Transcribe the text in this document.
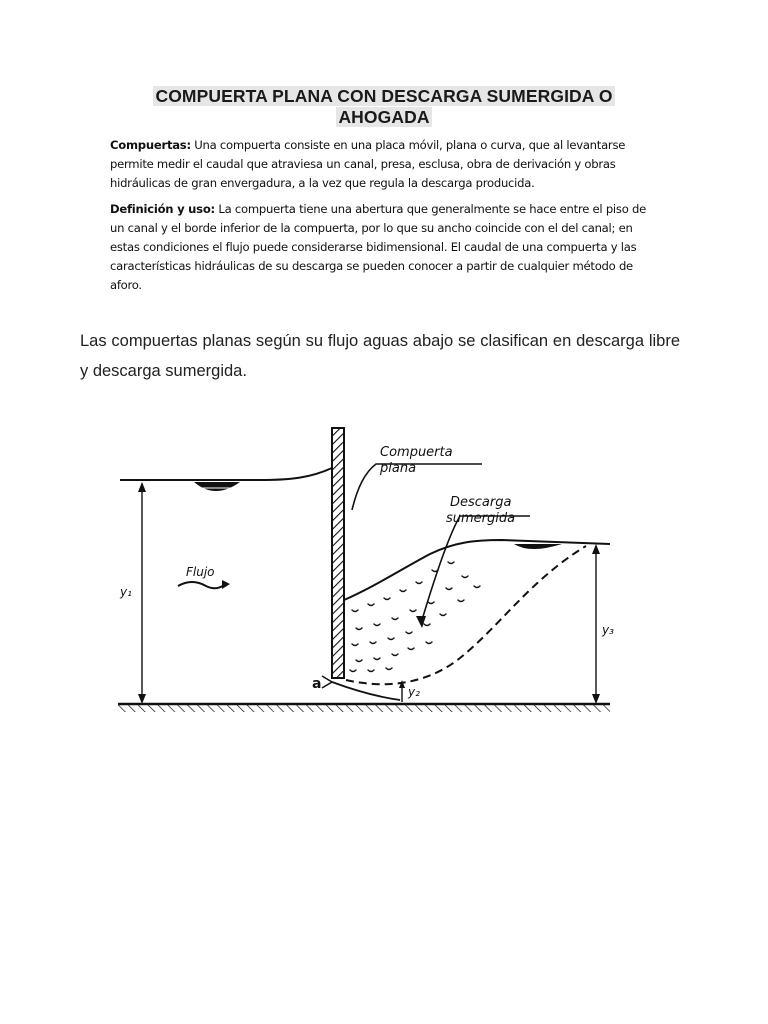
COMPUERTA PLANA CON DESCARGA SUMERGIDA O
AHOGADA
Compuertas: Una compuerta consiste en una placa móvil, plana o curva, que al levantarse permite medir el caudal que atraviesa un canal, presa, esclusa, obra de derivación y obras hidráulicas de gran envergadura, a la vez que regula la descarga producida.
Definición y uso: La compuerta tiene una abertura que generalmente se hace entre el piso de un canal y el borde inferior de la compuerta, por lo que su ancho coincide con el del canal; en estas condiciones el flujo puede considerarse bidimensional. El caudal de una compuerta y las características hidráulicas de su descarga se pueden conocer a partir de cualquier método de aforo.
Las compuertas planas según su flujo aguas abajo se clasifican en descarga libre y descarga sumergida.
y₁
Flujo
Compuerta
plana
Descarga
sumergida
a	y₂
y₃
